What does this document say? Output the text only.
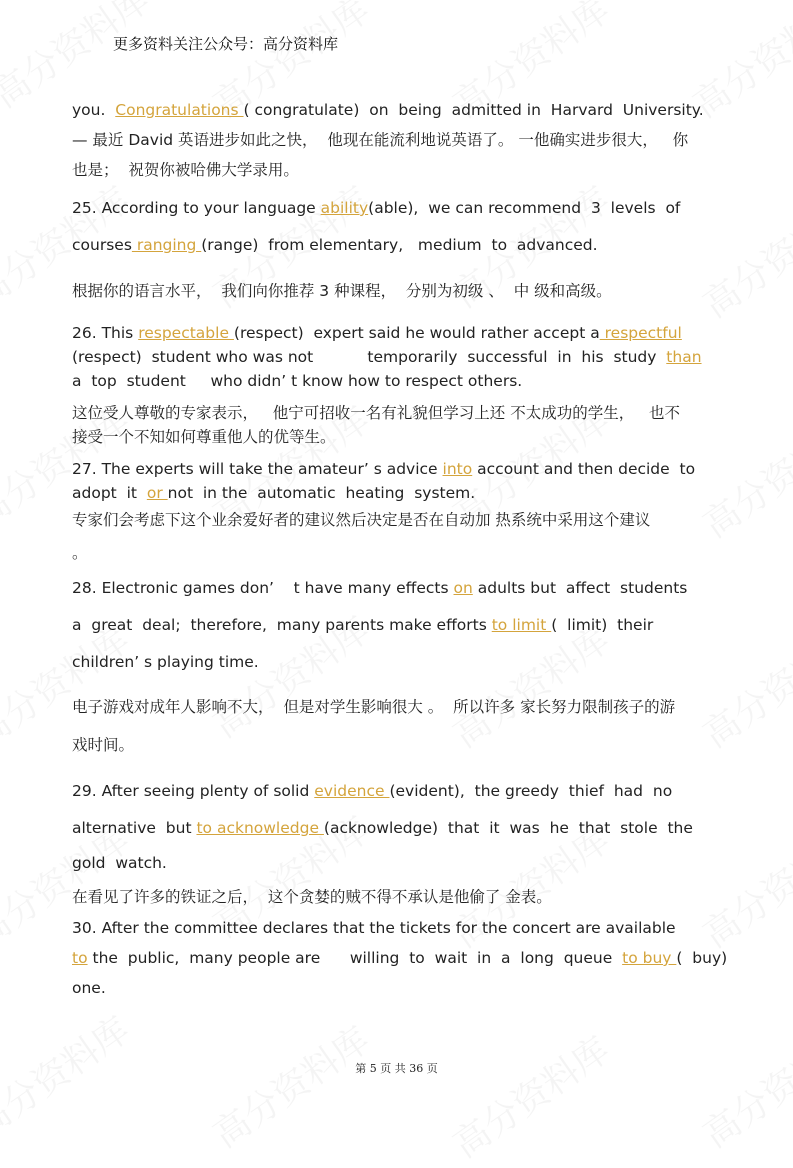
更多资料关注公众号：高分资料库
you.  Congratulations ( congratulate)  on  being  admitted in  Harvard  University.
— 最近 David 英语进步如此之快，  他现在能流利地说英语了。 一他确实进步很大，   你
也是；  祝贺你被哈佛大学录用。
25. According to your language ability(able),  we can recommend  3  levels  of
courses ranging (range)  from elementary,   medium  to  advanced.
根据你的语言水平，  我们向你推荐 3 种课程，  分别为初级 、  中 级和高级。
26. This respectable (respect)  expert said he would rather accept a respectful
(respect)  student who was not           temporarily  successful  in  his  study  than
a  top  student     who didn’ t know how to respect others.
这位受人尊敬的专家表示，   他宁可招收一名有礼貌但学习上还 不太成功的学生，   也不
接受一个不知如何尊重他人的优等生。
27. The experts will take the amateur’ s advice into account and then decide  to
adopt  it  or not  in the  automatic  heating  system.
专家们会考虑下这个业余爱好者的建议然后决定是否在自动加 热系统中采用这个建议
。
28. Electronic games don’    t have many effects on adults but  affect  students
a  great  deal;  therefore,  many parents make efforts to limit (  limit)  their
children’ s playing time.
电子游戏对成年人影响不大，  但是对学生影响很大 。  所以许多 家长努力限制孩子的游
戏时间。
29. After seeing plenty of solid evidence (evident),  the greedy  thief  had  no
alternative  but to acknowledge (acknowledge)  that  it  was  he  that  stole  the
gold  watch.
在看见了许多的铁证之后，  这个贪婪的贼不得不承认是他偷了 金表。
30. After the committee declares that the tickets for the concert are available
to the  public,  many people are      willing  to  wait  in  a  long  queue  to buy (  buy)
one.
第 5 页 共 36 页
